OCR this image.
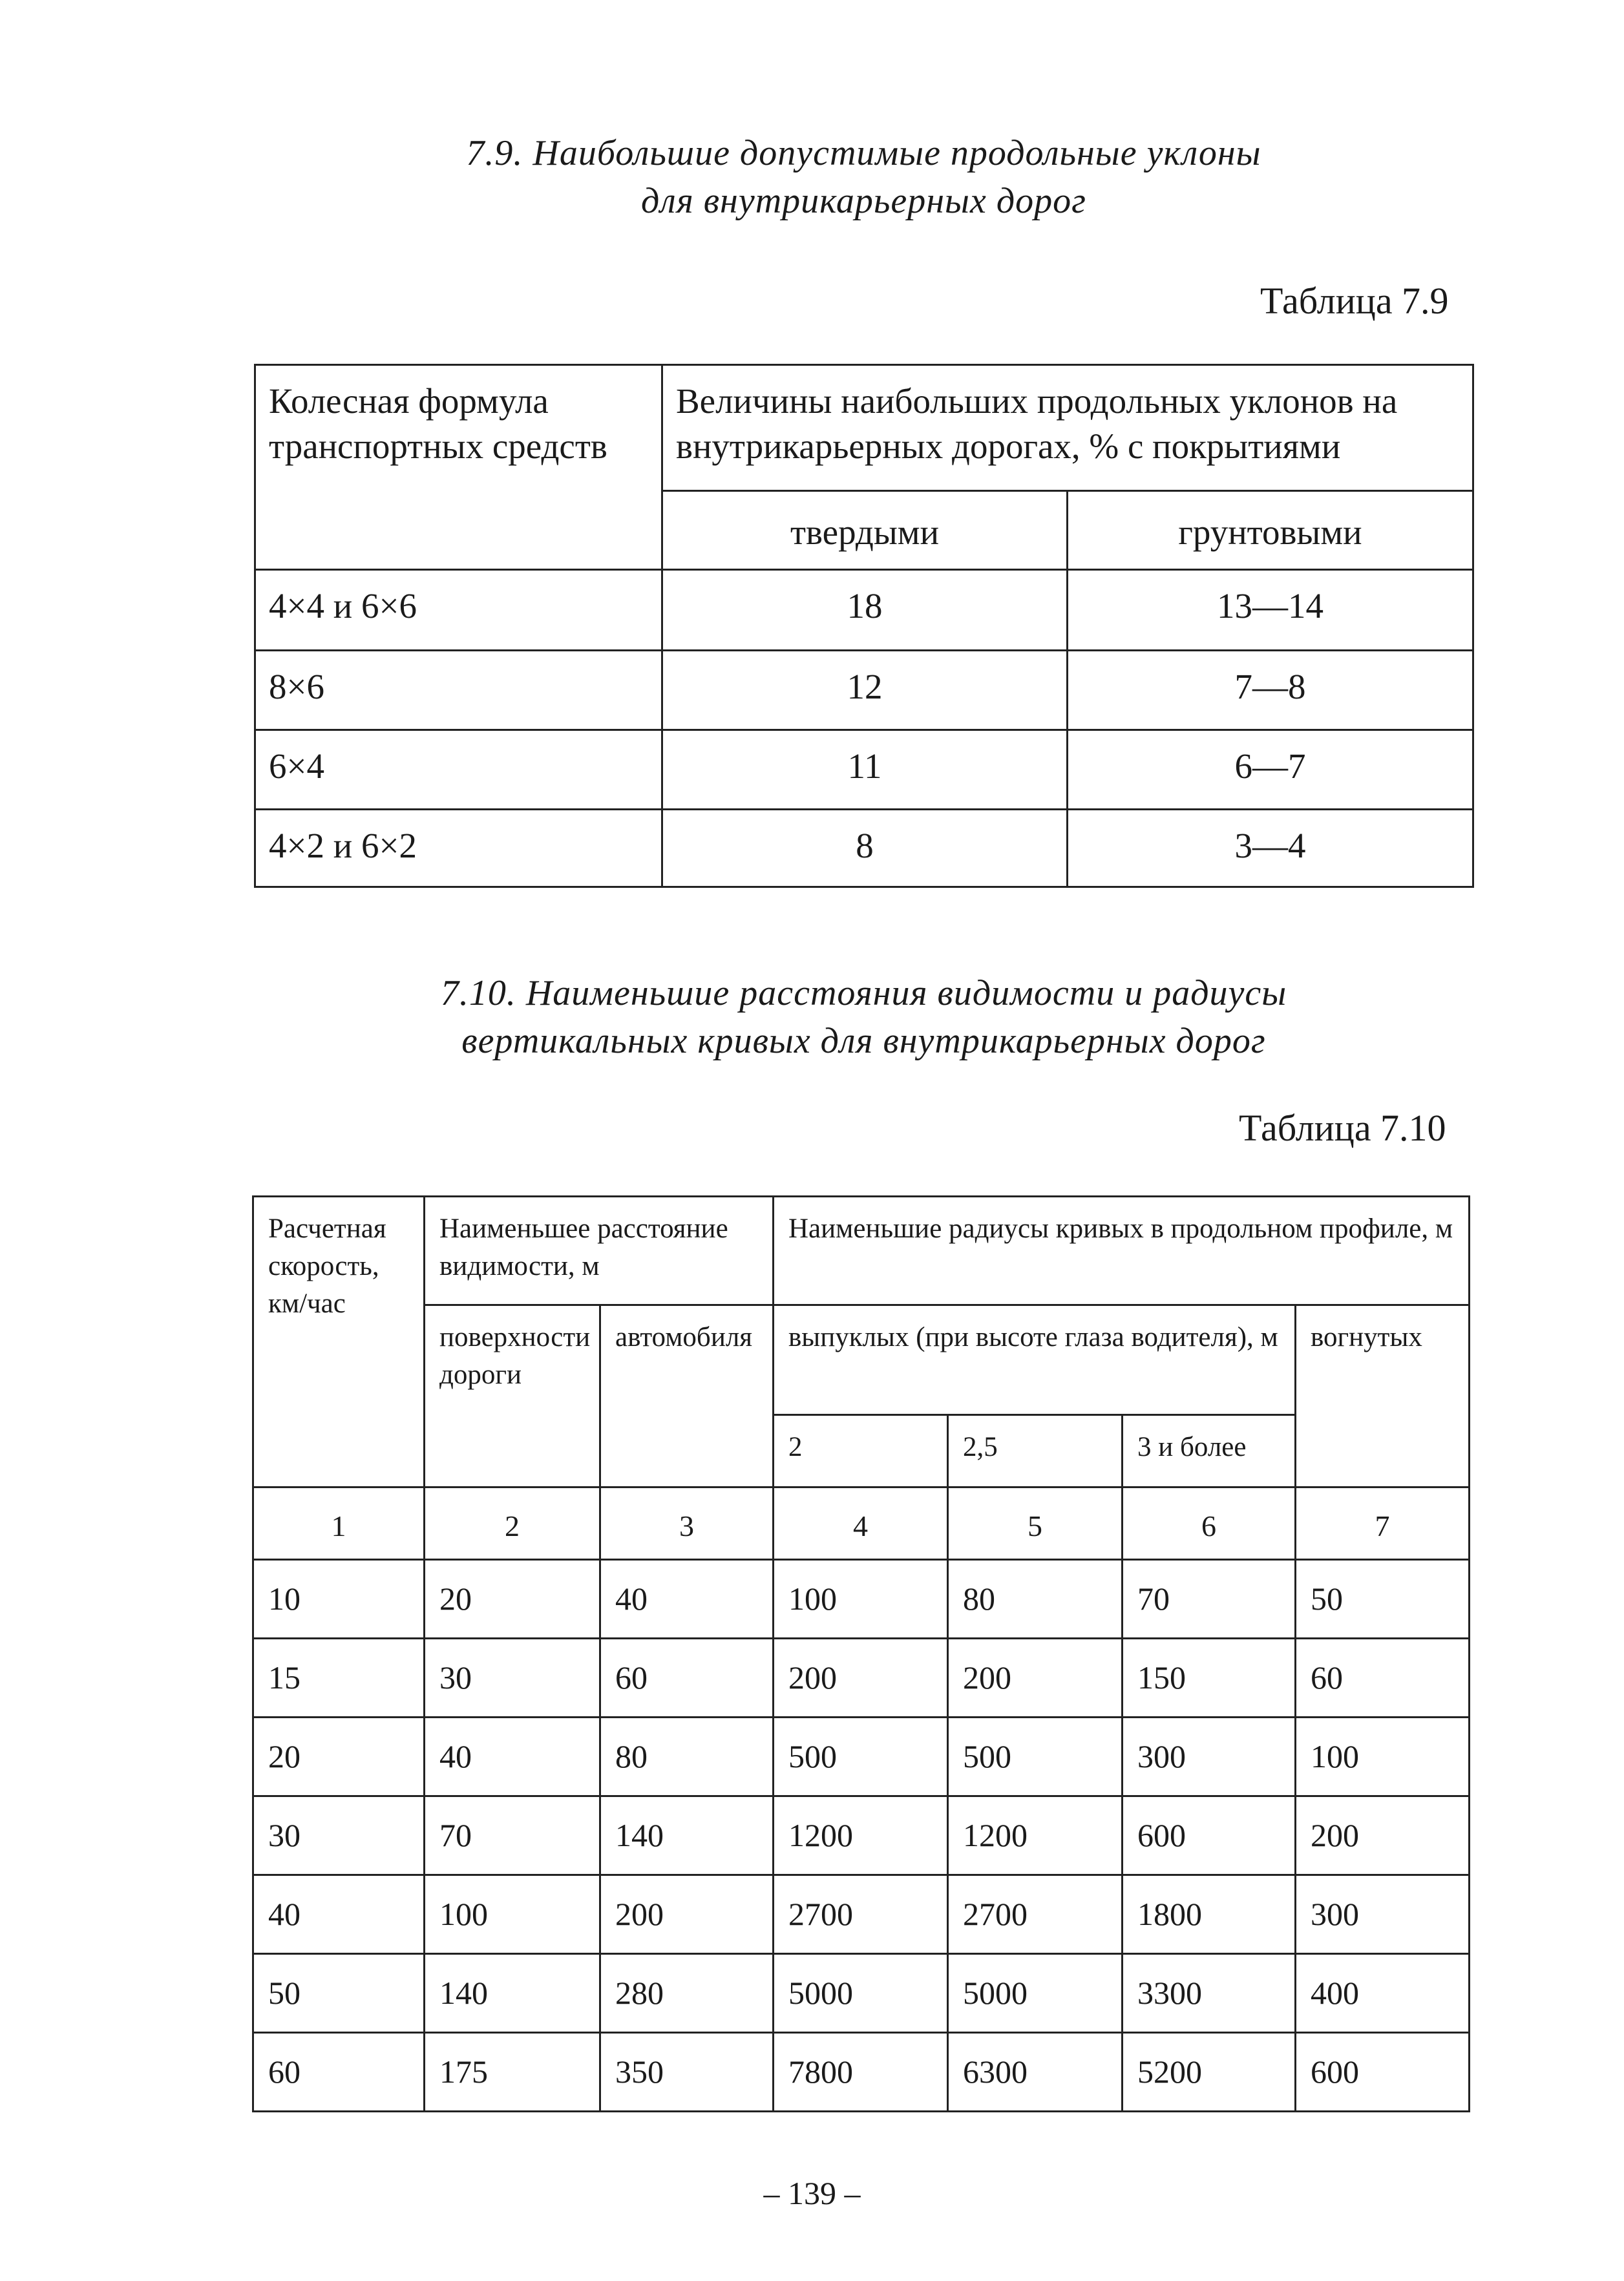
7.9. Наибольшие допустимые продольные уклоны
для внутрикарьерных дорог
Таблица 7.9
Колесная формула транспортных средств	Величины наибольших продольных уклонов на внутрикарьерных дорогах, % с покрытиями	
	твердыми	грунтовыми
4×4 и 6×6	18	13—14
8×6	12	7—8
6×4	11	6—7
4×2 и 6×2	8	3—4
7.10. Наименьшие расстояния видимости и радиусы
вертикальных кривых для внутрикарьерных дорог
Таблица 7.10
Расчетная скорость, км/час	Наименьшее расстояние видимости, м		Наименьшие радиусы кривых в продольном профиле, м			
	поверхности дороги	автомобиля	выпуклых (при высоте глаза водителя), м			вогнутых
			2	2,5	3 и более	
1	2	3	4	5	6	7
10	20	40	100	80	70	50
15	30	60	200	200	150	60
20	40	80	500	500	300	100
30	70	140	1200	1200	600	200
40	100	200	2700	2700	1800	300
50	140	280	5000	5000	3300	400
60	175	350	7800	6300	5200	600
– 139 –
